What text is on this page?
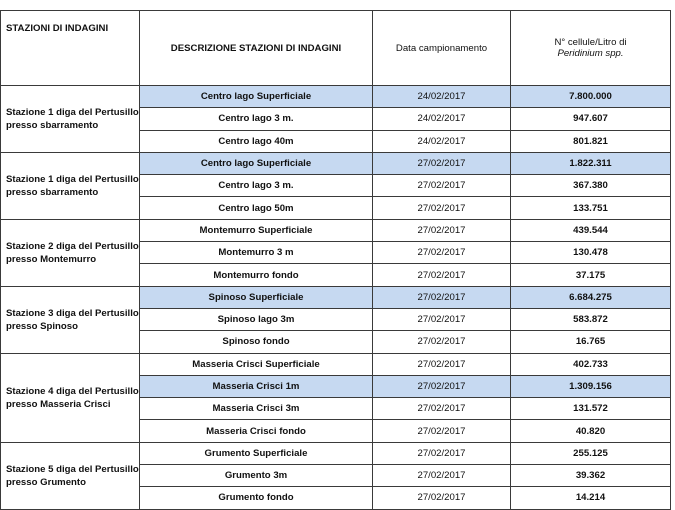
STAZIONI DI INDAGINI	DESCRIZIONE STAZIONI DI INDAGINI	Data campionamento	N° cellule/Litro di
Peridinium spp.

Stazione 1 diga del Pertusillo presso sbarramento	Centro lago Superficiale	24/02/2017	7.800.000
	Centro lago 3 m.	24/02/2017	947.607
	Centro lago 40m	24/02/2017	801.821
Stazione 1 diga del Pertusillo presso sbarramento	Centro lago Superficiale	27/02/2017	1.822.311
	Centro lago 3 m.	27/02/2017	367.380
	Centro lago 50m	27/02/2017	133.751
Stazione 2 diga del Pertusillo presso Montemurro	Montemurro Superficiale	27/02/2017	439.544
	Montemurro 3 m	27/02/2017	130.478
	Montemurro fondo	27/02/2017	37.175
Stazione 3 diga del Pertusillo presso Spinoso	Spinoso Superficiale	27/02/2017	6.684.275
	Spinoso lago 3m	27/02/2017	583.872
	Spinoso fondo	27/02/2017	16.765
Stazione 4 diga del Pertusillo presso Masseria Crisci	Masseria Crisci Superficiale	27/02/2017	402.733
	Masseria Crisci 1m	27/02/2017	1.309.156
	Masseria Crisci 3m	27/02/2017	131.572
	Masseria Crisci fondo	27/02/2017	40.820
Stazione 5 diga del Pertusillo presso Grumento	Grumento Superficiale	27/02/2017	255.125
	Grumento 3m	27/02/2017	39.362
	Grumento fondo	27/02/2017	14.214
